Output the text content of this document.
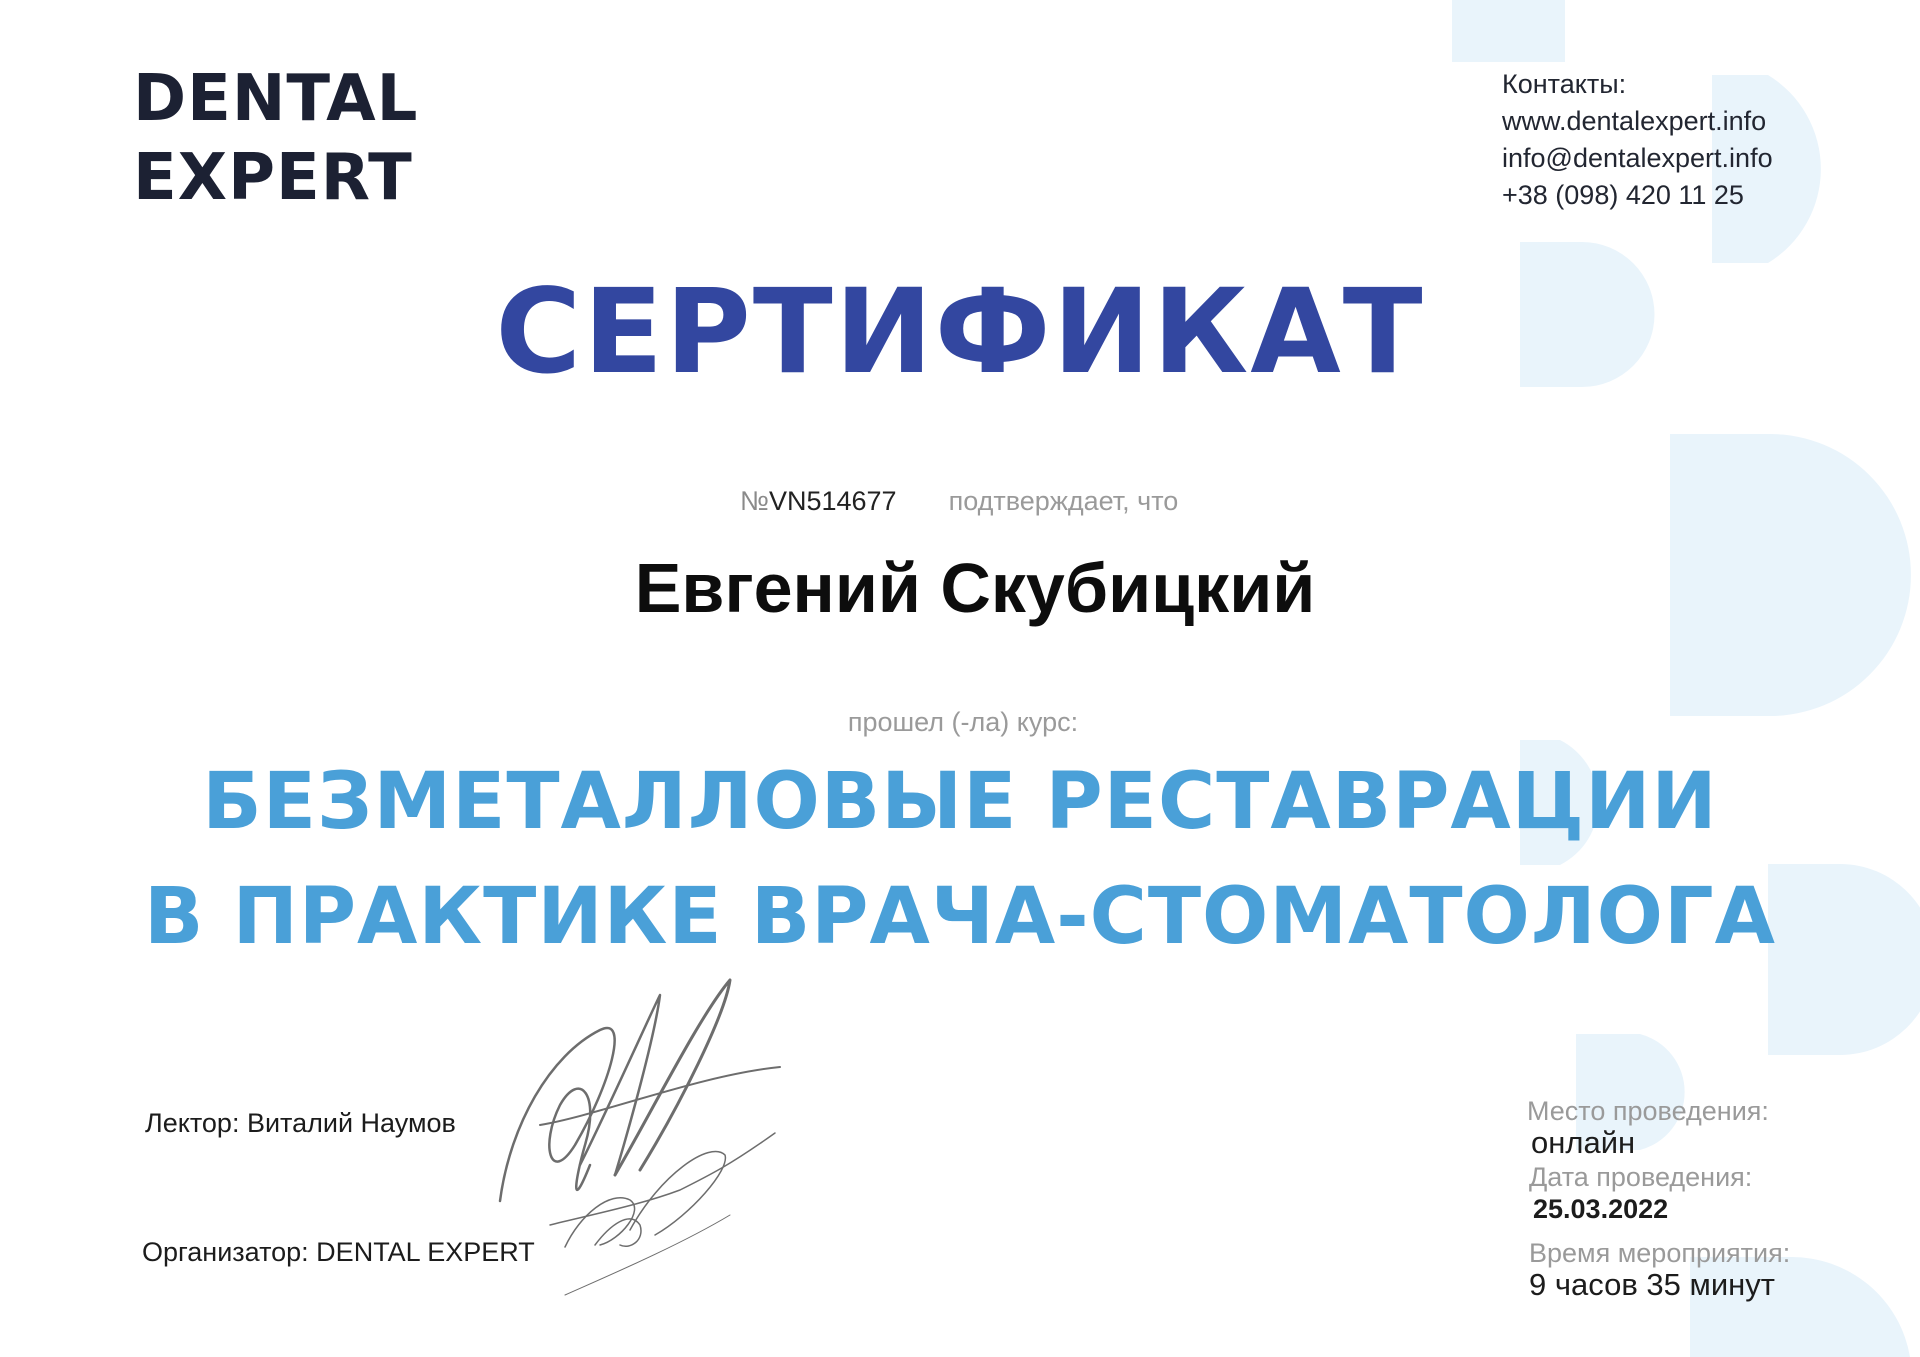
DENTAL
EXPERT
Контакты:
www.dentalexpert.info
info@dentalexpert.info
+38 (098) 420 11 25
СЕРТИФИКАТ
№VN514677 подтверждает, что
Евгений Скубицкий
прошел (-ла) курс:
БЕЗМЕТАЛЛОВЫЕ РЕСТАВРАЦИИ
В ПРАКТИКЕ ВРАЧА-СТОМАТОЛОГА
Лектор: Виталий Наумов
Организатор: DENTAL EXPERT
Место проведения:
онлайн
Дата проведения:
25.03.2022
Время мероприятия:
9 часов 35 минут
